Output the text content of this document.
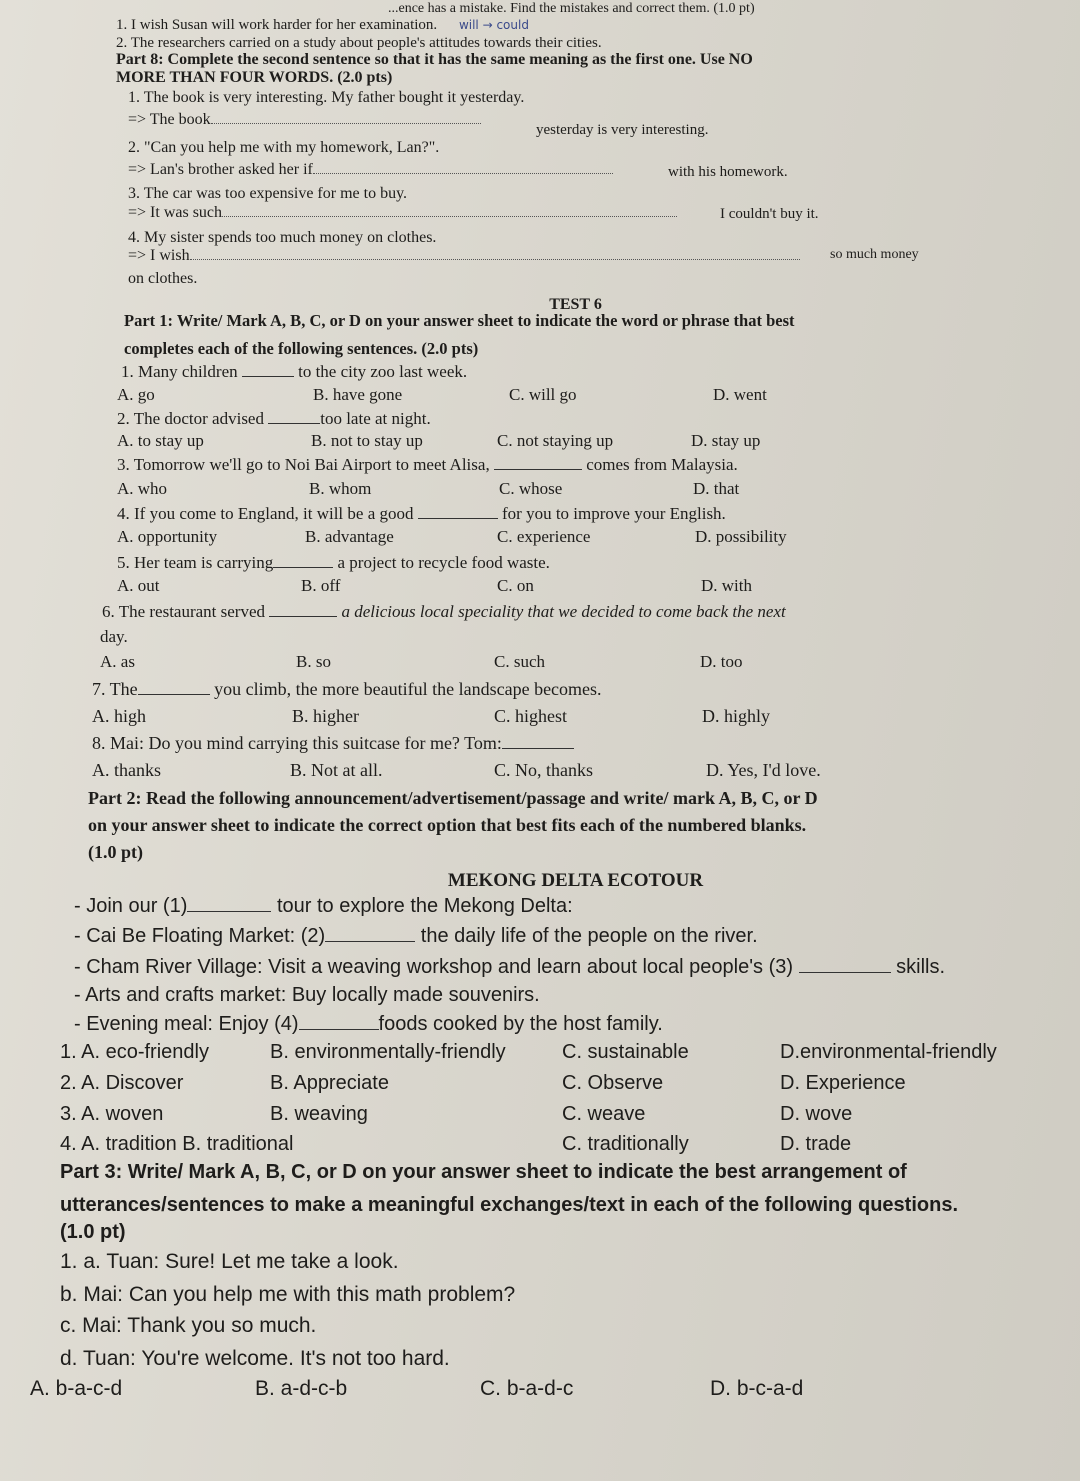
...ence has a mistake. Find the mistakes and correct them. (1.0 pt)
1. I wish Susan will work harder for her examination. will → could
2. The researchers carried on a study about people's attitudes towards their cities.
Part 8: Complete the second sentence so that it has the same meaning as the first one. Use NO
MORE THAN FOUR WORDS. (2.0 pts)
1. The book is very interesting. My father bought it yesterday.
=> The book
yesterday is very interesting.
2. "Can you help me with my homework, Lan?".
=> Lan's brother asked her if	with his homework.
3. The car was too expensive for me to buy.
=> It was such	I couldn't buy it.
4. My sister spends too much money on clothes.
=> I wish	so much money
on clothes.
TEST 6
Part 1: Write/ Mark A, B, C, or D on your answer sheet to indicate the word or phrase that best
completes each of the following sentences. (2.0 pts)
1. Many children	to the city zoo last week.
A. go	B. have gone	C. will go	D. went
2. The doctor advised	too late at night.
A. to stay up	B. not to stay up	C. not staying up	D. stay up
3. Tomorrow we'll go to Noi Bai Airport to meet Alisa,	comes from Malaysia.
A. who	B. whom	C. whose	D. that
4. If you come to England, it will be a good	for you to improve your English.
A. opportunity	B. advantage	C. experience	D. possibility
5. Her team is carrying	a project to recycle food waste.
A. out	B. off	C. on	D. with
6. The restaurant served	a delicious local speciality that we decided to come back the next
day.
A. as	B. so	C. such	D. too
7. The	you climb, the more beautiful the landscape becomes.
A. high	B. higher	C. highest	D. highly
8. Mai: Do you mind carrying this suitcase for me? Tom:
A. thanks	B. Not at all.	C. No, thanks	D. Yes, I'd love.
Part 2: Read the following announcement/advertisement/passage and write/ mark A, B, C, or D
on your answer sheet to indicate the correct option that best fits each of the numbered blanks.
(1.0 pt)
MEKONG DELTA ECOTOUR
- Join our (1)	tour to explore the Mekong Delta:
- Cai Be Floating Market: (2)	the daily life of the people on the river.
- Cham River Village: Visit a weaving workshop and learn about local people's (3)	skills.
- Arts and crafts market: Buy locally made souvenirs.
- Evening meal: Enjoy (4)	foods cooked by the host family.
1. A. eco-friendly	B. environmentally-friendly	C. sustainable	D.environmental-friendly
2. A. Discover	B. Appreciate	C. Observe	D. Experience
3. A. woven	B. weaving	C. weave	D. wove
4. A. tradition B. traditional	C. traditionally	D. trade
Part 3: Write/ Mark A, B, C, or D on your answer sheet to indicate the best arrangement of
utterances/sentences to make a meaningful exchanges/text in each of the following questions.
(1.0 pt)
1. a. Tuan: Sure! Let me take a look.
b. Mai: Can you help me with this math problem?
c. Mai: Thank you so much.
d. Tuan: You're welcome. It's not too hard.
A. b-a-c-d	B. a-d-c-b	C. b-a-d-c	D. b-c-a-d
